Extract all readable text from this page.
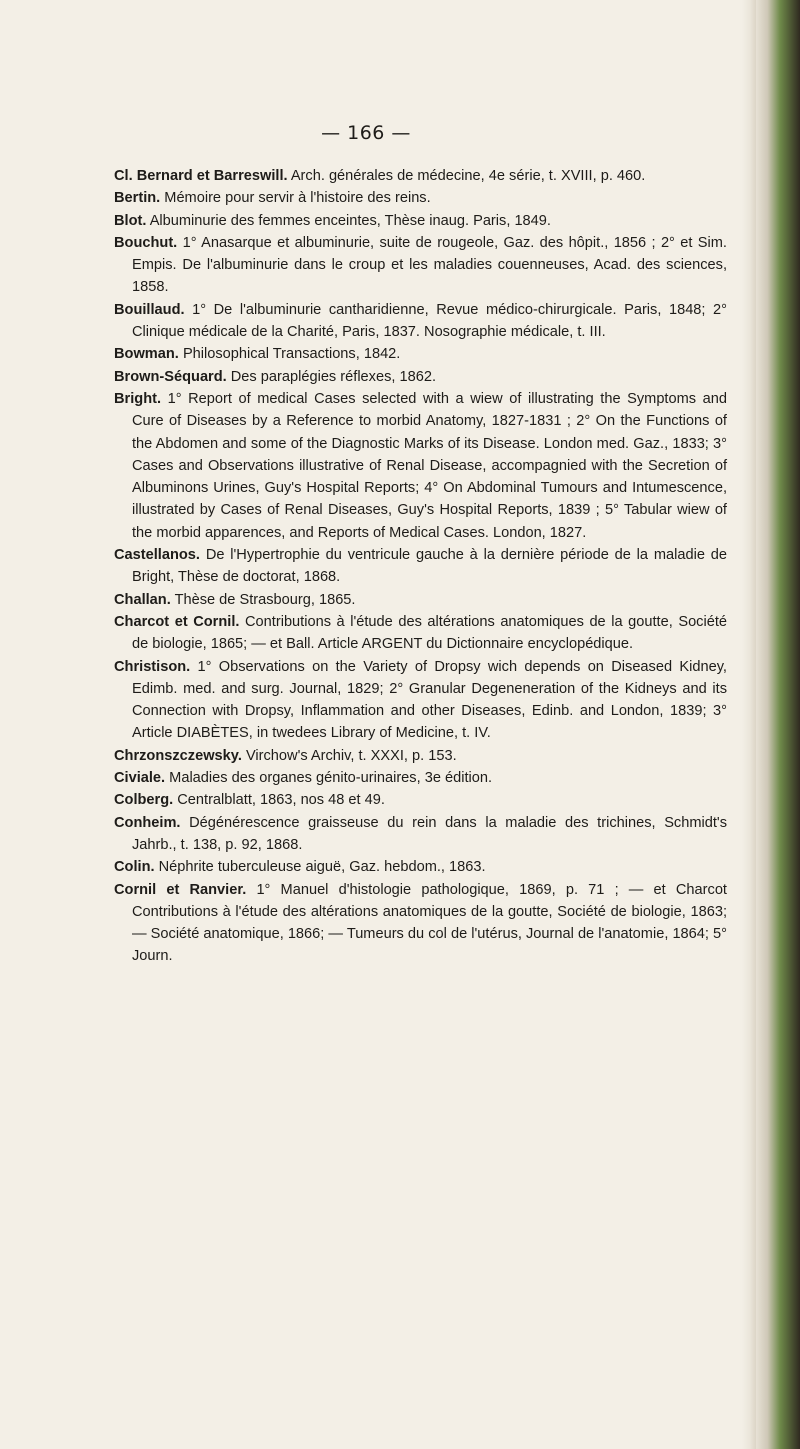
— 166 —

Cl. Bernard et Barreswill. Arch. générales de médecine, 4e série, t. XVIII, p. 460.

Bertin. Mémoire pour servir à l'histoire des reins.

Blot. Albuminurie des femmes enceintes, Thèse inaug. Paris, 1849.

Bouchut. 1° Anasarque et albuminurie, suite de rougeole, Gaz. des hôpit., 1856 ; 2° et Sim. Empis. De l'albuminurie dans le croup et les maladies couenneuses, Acad. des sciences, 1858.

Bouillaud. 1° De l'albuminurie cantharidienne, Revue médico-chirurgicale. Paris, 1848; 2° Clinique médicale de la Charité, Paris, 1837. Nosographie médicale, t. III.

Bowman. Philosophical Transactions, 1842.

Brown-Séquard. Des paraplégies réflexes, 1862.

Bright. 1° Report of medical Cases selected with a wiew of illustrating the Symptoms and Cure of Diseases by a Reference to morbid Anatomy, 1827-1831 ; 2° On the Functions of the Abdomen and some of the Diagnostic Marks of its Disease. London med. Gaz., 1833; 3° Cases and Observations illustrative of Renal Disease, accompagnied with the Secretion of Albuminons Urines, Guy's Hospital Reports; 4° On Abdominal Tumours and Intumescence, illustrated by Cases of Renal Diseases, Guy's Hospital Reports, 1839 ; 5° Tabular wiew of the morbid apparences, and Reports of Medical Cases. London, 1827.

Castellanos. De l'Hypertrophie du ventricule gauche à la dernière période de la maladie de Bright, Thèse de doctorat, 1868.

Challan. Thèse de Strasbourg, 1865.

Charcot et Cornil. Contributions à l'étude des altérations anatomiques de la goutte, Société de biologie, 1865; — et Ball. Article ARGENT du Dictionnaire encyclopédique.

Christison. 1° Observations on the Variety of Dropsy wich depends on Diseased Kidney, Edimb. med. and surg. Journal, 1829; 2° Granular Degeneneration of the Kidneys and its Connection with Dropsy, Inflammation and other Diseases, Edinb. and London, 1839; 3° Article DIABÈTES, in twedees Library of Medicine, t. IV.

Chrzonszczewsky. Virchow's Archiv, t. XXXI, p. 153.

Civiale. Maladies des organes génito-urinaires, 3e édition.

Colberg. Centralblatt, 1863, nos 48 et 49.

Conheim. Dégénérescence graisseuse du rein dans la maladie des trichines, Schmidt's Jahrb., t. 138, p. 92, 1868.

Colin. Néphrite tuberculeuse aiguë, Gaz. hebdom., 1863.

Cornil et Ranvier. 1° Manuel d'histologie pathologique, 1869, p. 71 ; — et Charcot Contributions à l'étude des altérations anatomiques de la goutte, Société de biologie, 1863; — Société anatomique, 1866; — Tumeurs du col de l'utérus, Journal de l'anatomie, 1864; 5° Journ.
